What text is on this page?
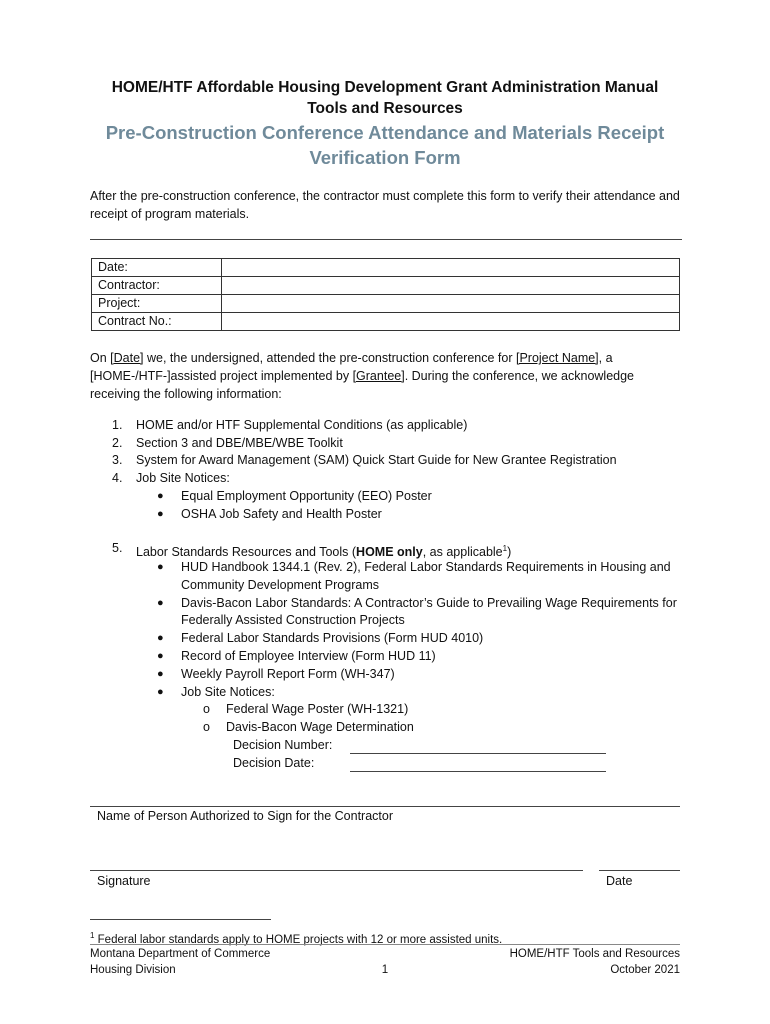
HOME/HTF Affordable Housing Development Grant Administration Manual
Tools and Resources
Pre-Construction Conference Attendance and Materials Receipt
Verification Form
After the pre-construction conference, the contractor must complete this form to verify their attendance and receipt of program materials.
Date:	
Contractor:	
Project:	
Contract No.:	
On [Date] we, the undersigned, attended the pre-construction conference for [Project Name], a [HOME-/HTF-]assisted project implemented by [Grantee]. During the conference, we acknowledge receiving the following information:
1.	HOME and/or HTF Supplemental Conditions (as applicable)
2.	Section 3 and DBE/MBE/WBE Toolkit
3.	System for Award Management (SAM) Quick Start Guide for New Grantee Registration
4.	Job Site Notices:
● Equal Employment Opportunity (EEO) Poster
● OSHA Job Safety and Health Poster
5.	Labor Standards Resources and Tools (HOME only, as applicable$^1$)
● HUD Handbook 1344.1 (Rev. 2), Federal Labor Standards Requirements in Housing and
Community Development Programs
● Davis-Bacon Labor Standards: A Contractor’s Guide to Prevailing Wage Requirements for
Federally Assisted Construction Projects
● Federal Labor Standards Provisions (Form HUD 4010)
● Record of Employee Interview (Form HUD 11)
● Weekly Payroll Report Form (WH-347)
● Job Site Notices:
o Federal Wage Poster (WH-1321)
o Davis-Bacon Wage Determination
Decision Number:
Decision Date:
Name of Person Authorized to Sign for the Contractor
Signature	Date
$^1$ Federal labor standards apply to HOME projects with 12 or more assisted units.
Montana Department of Commerce
Housing Division	1
HOME/HTF Tools and Resources
October 2021
